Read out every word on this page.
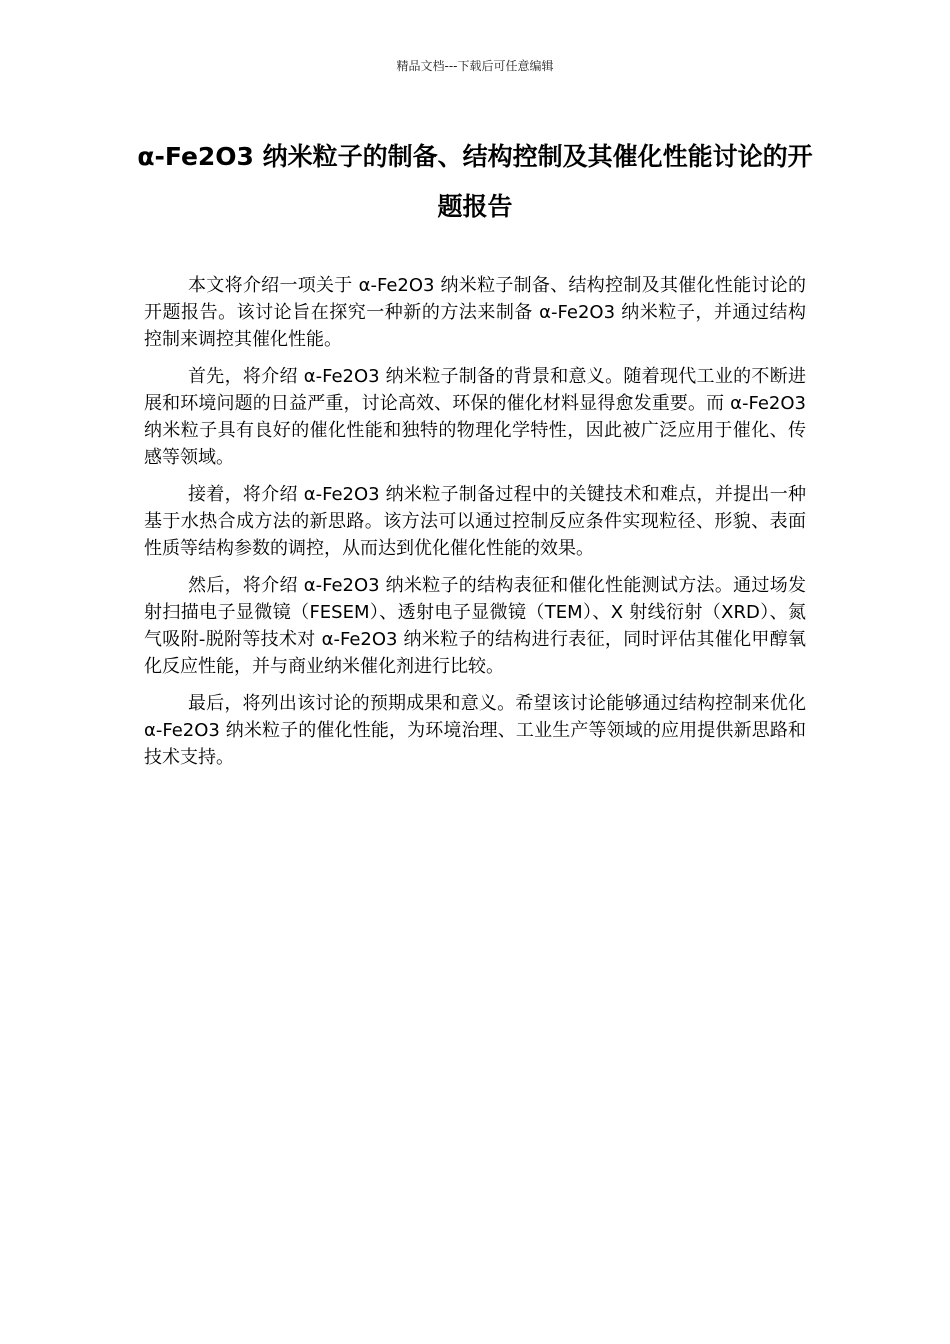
精品文档---下载后可任意编辑
α-Fe2O3 纳米粒子的制备、结构控制及其催化性能讨论的开题报告

本文将介绍一项关于 α-Fe2O3 纳米粒子制备、结构控制及其催化性能讨论的开题报告。该讨论旨在探究一种新的方法来制备 α-Fe2O3 纳米粒子，并通过结构控制来调控其催化性能。

首先，将介绍 α-Fe2O3 纳米粒子制备的背景和意义。随着现代工业的不断进展和环境问题的日益严重，讨论高效、环保的催化材料显得愈发重要。而 α-Fe2O3 纳米粒子具有良好的催化性能和独特的物理化学特性，因此被广泛应用于催化、传感等领域。

接着，将介绍 α-Fe2O3 纳米粒子制备过程中的关键技术和难点，并提出一种基于水热合成方法的新思路。该方法可以通过控制反应条件实现粒径、形貌、表面性质等结构参数的调控，从而达到优化催化性能的效果。

然后，将介绍 α-Fe2O3 纳米粒子的结构表征和催化性能测试方法。通过场发射扫描电子显微镜（FESEM）、透射电子显微镜（TEM）、X 射线衍射（XRD）、氮气吸附-脱附等技术对 α-Fe2O3 纳米粒子的结构进行表征，同时评估其催化甲醇氧化反应性能，并与商业纳米催化剂进行比较。

最后，将列出该讨论的预期成果和意义。希望该讨论能够通过结构控制来优化 α-Fe2O3 纳米粒子的催化性能，为环境治理、工业生产等领域的应用提供新思路和技术支持。
